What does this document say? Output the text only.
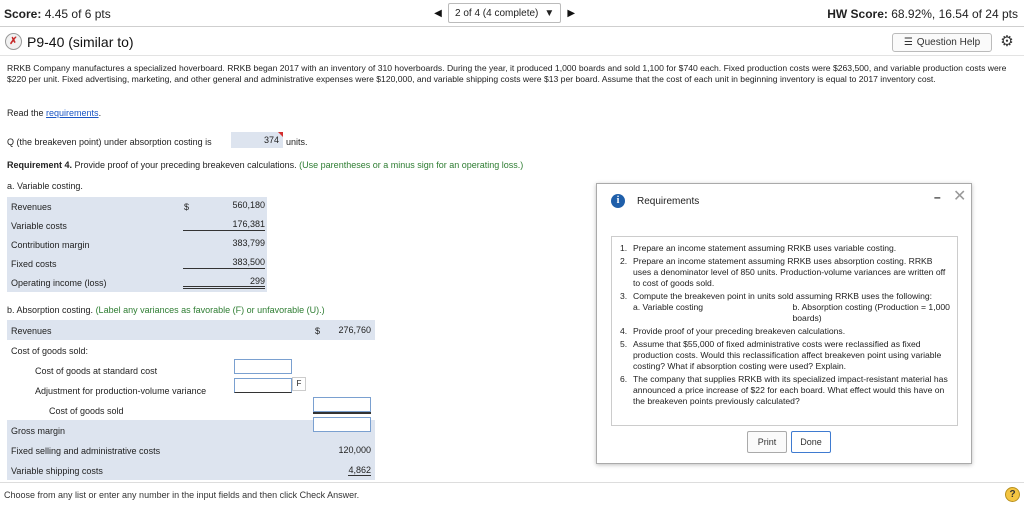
Score: 4.45 of 6 pts	◀	2 of 4 (4 complete) ▼	▶	HW Score: 68.92%, 16.54 of 24 pts
✗ P9-40 (similar to)	☰ Question Help ⚙
RRKB Company manufactures a specialized hoverboard. RRKB began 2017 with an inventory of 310 hoverboards. During the year, it produced 1,000 boards and sold 1,100 for $740 each. Fixed production costs were $263,500, and variable production costs were $220 per unit. Fixed advertising, marketing, and other general and administrative expenses were $120,000, and variable shipping costs were $13 per board. Assume that the cost of each unit in beginning inventory is equal to 2017 inventory cost.
Read the requirements.
Q (the breakeven point) under absorption costing is	374 units.
Requirement 4. Provide proof of your preceding breakeven calculations. (Use parentheses or a minus sign for an operating loss.)
a. Variable costing.
Revenues	$	560,180
Variable costs	176,381
Contribution margin	383,799
Fixed costs	383,500
Operating income (loss)	299
b. Absorption costing. (Label any variances as favorable (F) or unfavorable (U).)
Revenues	$ 276,760
Cost of goods sold:
Cost of goods at standard cost
Adjustment for production-volume variance
Cost of goods sold
Gross margin
Fixed selling and administrative costs	120,000
Variable shipping costs	4,862
F
Choose from any list or enter any number in the input fields and then click Check Answer.	?
i	Requirements	– ✕
1. Prepare an income statement assuming RRKB uses variable costing.
2. Prepare an income statement assuming RRKB uses absorption costing. RRKB uses a denominator level of 850 units. Production-volume variances are written off to cost of goods sold.
3. Compute the breakeven point in units sold assuming RRKB uses the following:
a. Variable costing	b. Absorption costing (Production = 1,000 boards)
4. Provide proof of your preceding breakeven calculations.
5. Assume that $55,000 of fixed administrative costs were reclassified as fixed production costs. Would this reclassification affect breakeven point using variable costing? What if absorption costing were used? Explain.
6. The company that supplies RRKB with its specialized impact-resistant material has announced a price increase of $22 for each board. What effect would this have on the breakeven points previously calculated?
Print	Done
